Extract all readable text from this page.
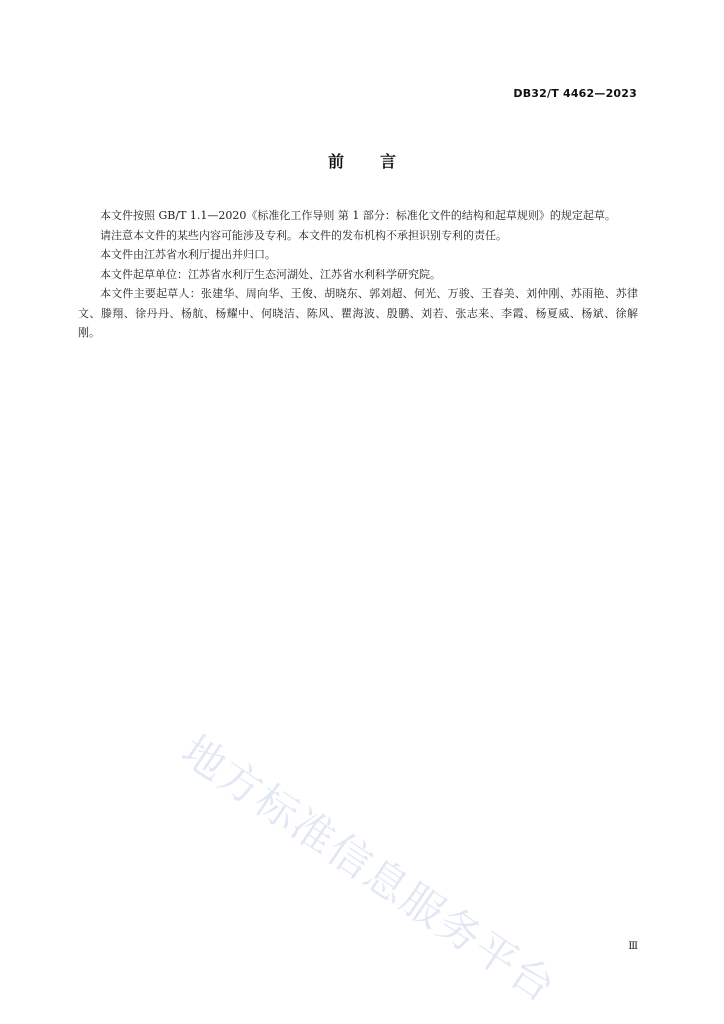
DB32/T 4462—2023
前言

本文件按照 GB/T 1.1—2020《标准化工作导则 第 1 部分：标准化文件的结构和起草规则》的规定起草。

请注意本文件的某些内容可能涉及专利。本文件的发布机构不承担识别专利的责任。

本文件由江苏省水利厅提出并归口。

本文件起草单位：江苏省水利厅生态河湖处、江苏省水利科学研究院。

本文件主要起草人：张建华、周向华、王俊、胡晓东、郭刘超、何光、万骏、王春美、刘仲刚、苏雨艳、苏律文、滕翔、徐丹丹、杨航、杨耀中、何晓洁、陈风、瞿海波、殷鹏、刘若、张志来、李霞、杨夏威、杨斌、徐解刚。

地方标准信息服务平台	Ⅲ
